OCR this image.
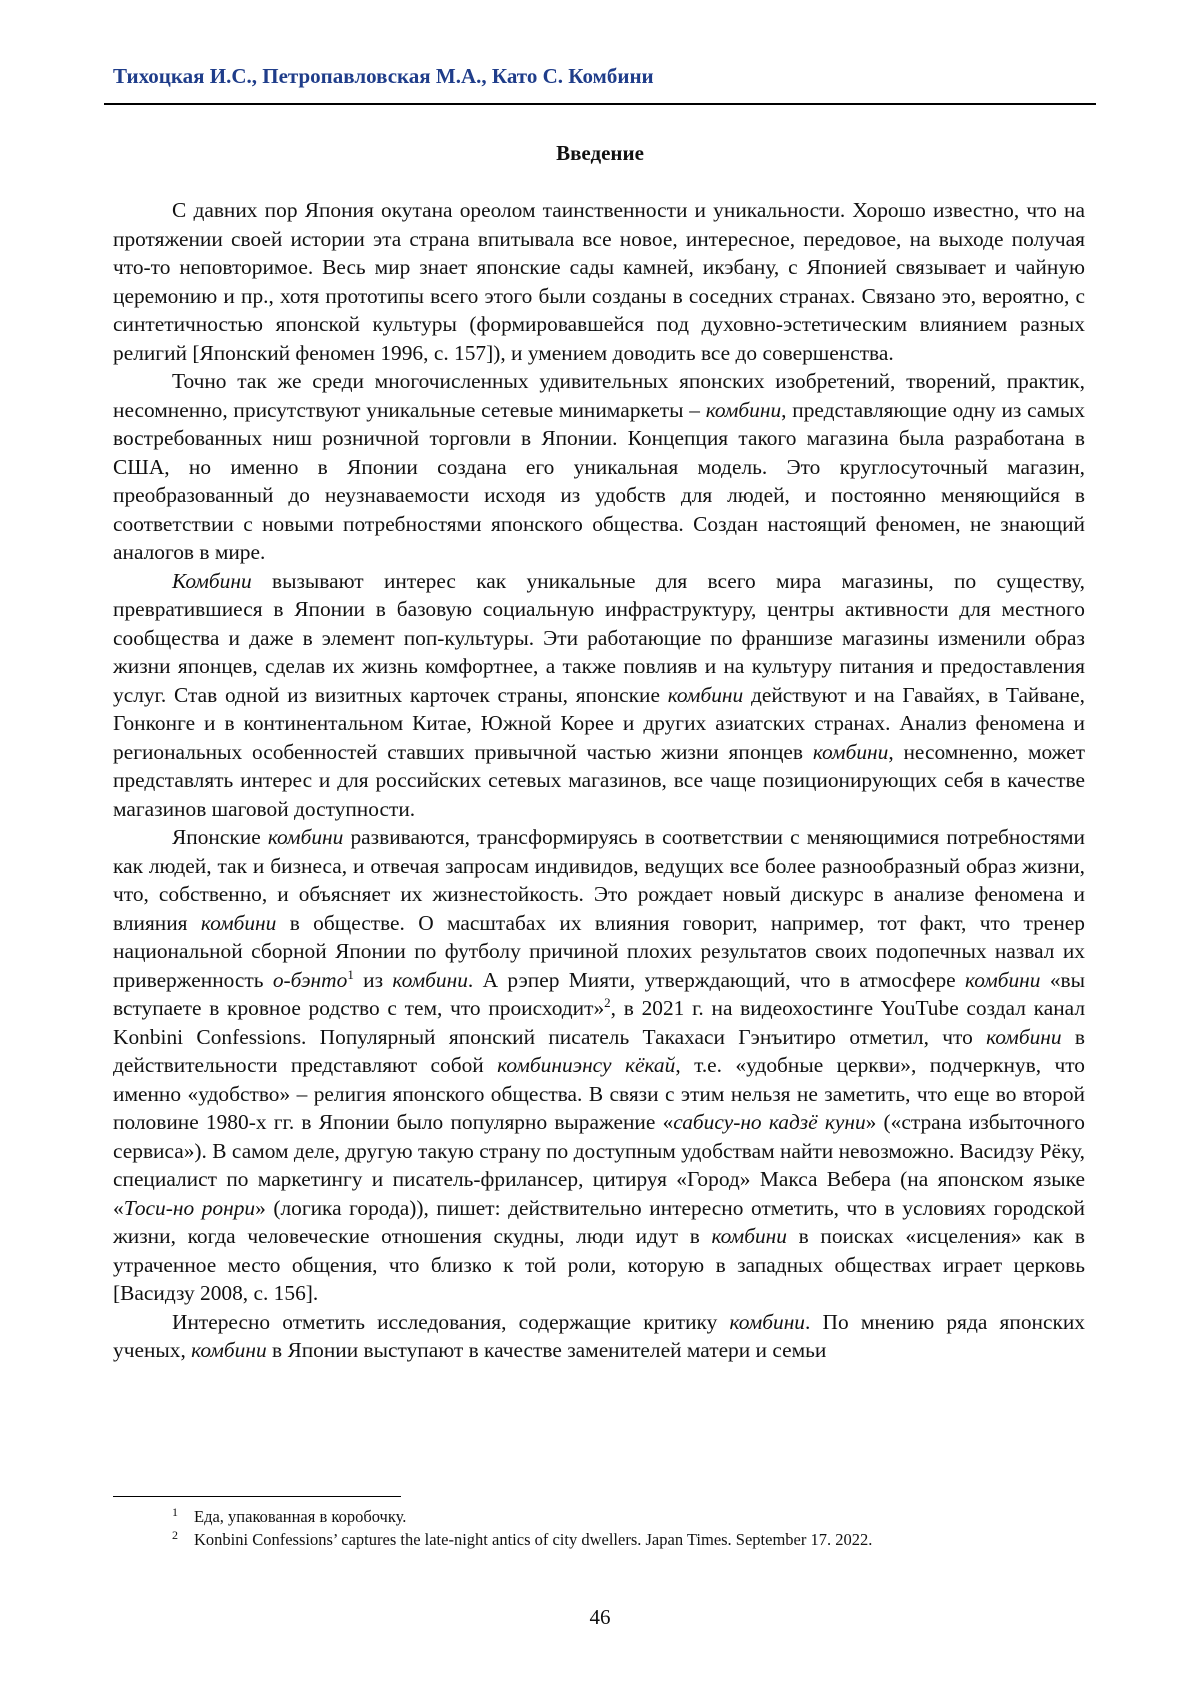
Тихоцкая И.С., Петропавловская М.А., Като С. Комбини
Введение

С давних пор Япония окутана ореолом таинственности и уникальности. Хорошо известно, что на протяжении своей истории эта страна впитывала все новое, интересное, передовое, на выходе получая что-то неповторимое. Весь мир знает японские сады камней, икэбану, с Японией связывает и чайную церемонию и пр., хотя прототипы всего этого были созданы в соседних странах. Связано это, вероятно, с синтетичностью японской культуры (формировавшейся под духовно-эстетическим влиянием разных религий [Японский феномен 1996, с. 157]), и умением доводить все до совершенства.

Точно так же среди многочисленных удивительных японских изобретений, творений, практик, несомненно, присутствуют уникальные сетевые минимаркеты – комбини, представляющие одну из самых востребованных ниш розничной торговли в Японии. Концепция такого магазина была разработана в США, но именно в Японии создана его уникальная модель. Это круглосуточный магазин, преобразованный до неузнаваемости исходя из удобств для людей, и постоянно меняющийся в соответствии с новыми потребностями японского общества. Создан настоящий феномен, не знающий аналогов в мире.

Комбини вызывают интерес как уникальные для всего мира магазины, по существу, превратившиеся в Японии в базовую социальную инфраструктуру, центры активности для местного сообщества и даже в элемент поп-культуры. Эти работающие по франшизе магазины изменили образ жизни японцев, сделав их жизнь комфортнее, а также повлияв и на культуру питания и предоставления услуг. Став одной из визитных карточек страны, японские комбини действуют и на Гавайях, в Тайване, Гонконге и в континентальном Китае, Южной Корее и других азиатских странах. Анализ феномена и региональных особенностей ставших привычной частью жизни японцев комбини, несомненно, может представлять интерес и для российских сетевых магазинов, все чаще позиционирующих себя в качестве магазинов шаговой доступности.

Японские комбини развиваются, трансформируясь в соответствии с меняющимися потребностями как людей, так и бизнеса, и отвечая запросам индивидов, ведущих все более разнообразный образ жизни, что, собственно, и объясняет их жизнестойкость. Это рождает новый дискурс в анализе феномена и влияния комбини в обществе. О масштабах их влияния говорит, например, тот факт, что тренер национальной сборной Японии по футболу причиной плохих результатов своих подопечных назвал их приверженность о-бэнто$^1$ из комбини. А рэпер Мияти, утверждающий, что в атмосфере комбини «вы вступаете в кровное родство с тем, что происходит»$^2$, в 2021 г. на видеохостинге YouTube создал канал Konbini Confessions. Популярный японский писатель Такахаси Гэнъитиро отметил, что комбини в действительности представляют собой комбиниэнсу кёкай, т.е. «удобные церкви», подчеркнув, что именно «удобство» – религия японского общества. В связи с этим нельзя не заметить, что еще во второй половине 1980-х гг. в Японии было популярно выражение «сабису-но кадзё куни» («страна избыточного сервиса»). В самом деле, другую такую страну по доступным удобствам найти невозможно. Васидзу Рёку, специалист по маркетингу и писатель-фрилансер, цитируя «Город» Макса Вебера (на японском языке «Тоси-но ронри» (логика города)), пишет: действительно интересно отметить, что в условиях городской жизни, когда человеческие отношения скудны, люди идут в комбини в поисках «исцеления» как в утраченное место общения, что близко к той роли, которую в западных обществах играет церковь [Васидзу 2008, с. 156].

Интересно отметить исследования, содержащие критику комбини. По мнению ряда японских ученых, комбини в Японии выступают в качестве заменителей матери и семьи

1 Еда, упакованная в коробочку.
2 Konbini Confessions’ captures the late-night antics of city dwellers. Japan Times. September 17. 2022.
46
